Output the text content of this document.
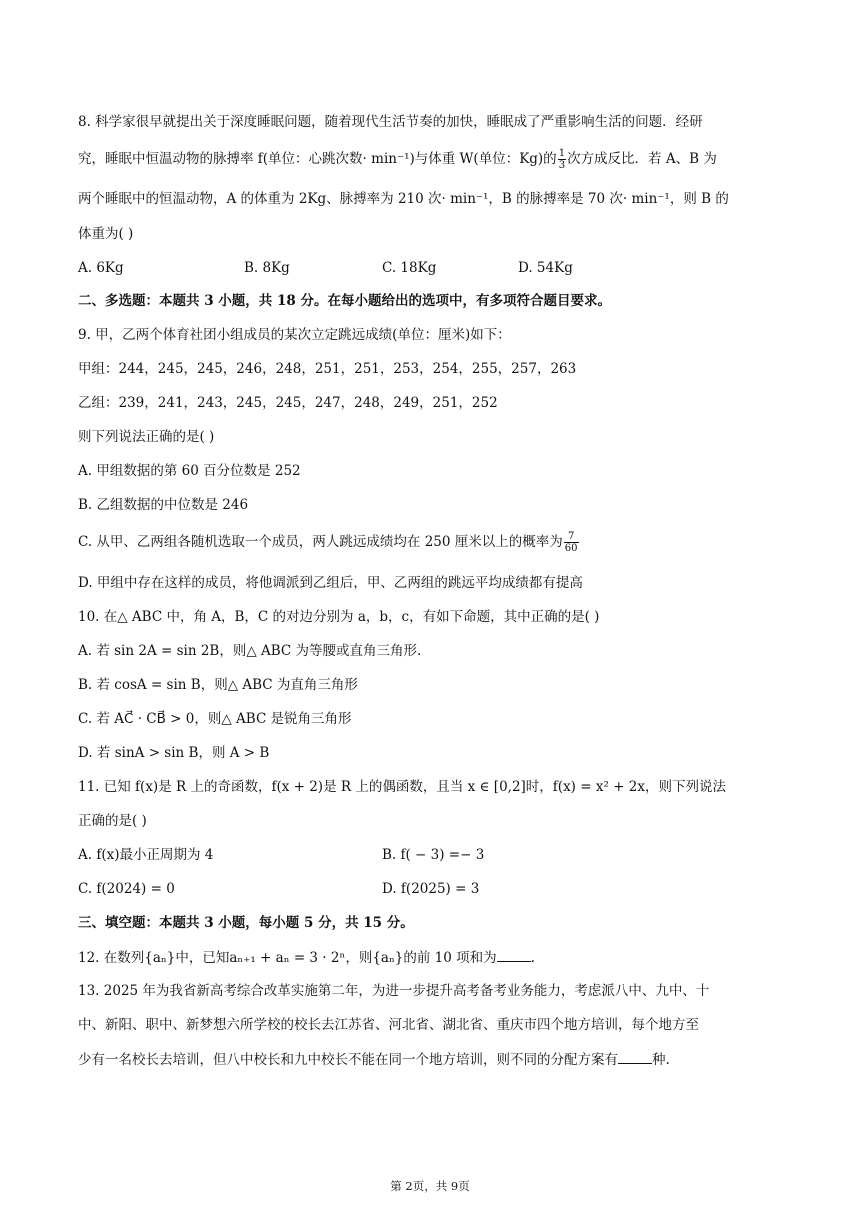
8. 科学家很早就提出关于深度睡眠问题，随着现代生活节奏的加快，睡眠成了严重影响生活的问题．经研
究，睡眠中恒温动物的脉搏率 f(单位：心跳次数· min⁻¹)与体重 W(单位：Kg)的 $\frac{1}{3}$ 次方成反比．若 A、B 为
两个睡眠中的恒温动物，A 的体重为 2Kg、脉搏率为 210 次· min⁻¹，B 的脉搏率是 70 次· min⁻¹，则 B 的
体重为( )
A. 6Kg	B. 8Kg	C. 18Kg	D. 54Kg
二、多选题：本题共 3 小题，共 18 分。在每小题给出的选项中，有多项符合题目要求。
9. 甲，乙两个体育社团小组成员的某次立定跳远成绩(单位：厘米)如下：
甲组：244，245，245，246，248，251，251，253，254，255，257，263
乙组：239，241，243，245，245，247，248，249，251，252
则下列说法正确的是( )
A. 甲组数据的第 60 百分位数是 252
B. 乙组数据的中位数是 246
C. 从甲、乙两组各随机选取一个成员，两人跳远成绩均在 250 厘米以上的概率为 $\frac{7}{60}$
D. 甲组中存在这样的成员，将他调派到乙组后，甲、乙两组的跳远平均成绩都有提高
10. 在△ ABC 中，角 A，B，C 的对边分别为 a，b，c，有如下命题，其中正确的是( )
A. 若 sin 2A = sin 2B，则△ ABC 为等腰或直角三角形.
B. 若 cosA = sin B，则△ ABC 为直角三角形
C. 若 AC⃗ · CB⃗ > 0，则△ ABC 是锐角三角形
D. 若 sinA > sin B，则 A > B
11. 已知 f(x)是 R 上的奇函数，f(x + 2)是 R 上的偶函数，且当 x ∈ [0,2]时，f(x) = x² + 2x，则下列说法
正确的是( )
A. f(x)最小正周期为 4	B. f( − 3) =− 3
C. f(2024) = 0	D. f(2025) = 3
三、填空题：本题共 3 小题，每小题 5 分，共 15 分。
12. 在数列{aₙ}中，已知aₙ₊₁ + aₙ = 3 · 2ⁿ，则{aₙ}的前 10 项和为	.
13. 2025 年为我省新高考综合改革实施第二年，为进一步提升高考备考业务能力，考虑派八中、九中、十
中、新阳、职中、新梦想六所学校的校长去江苏省、河北省、湖北省、重庆市四个地方培训，每个地方至
少有一名校长去培训，但八中校长和九中校长不能在同一个地方培训，则不同的分配方案有	种.
第 2页，共 9页
